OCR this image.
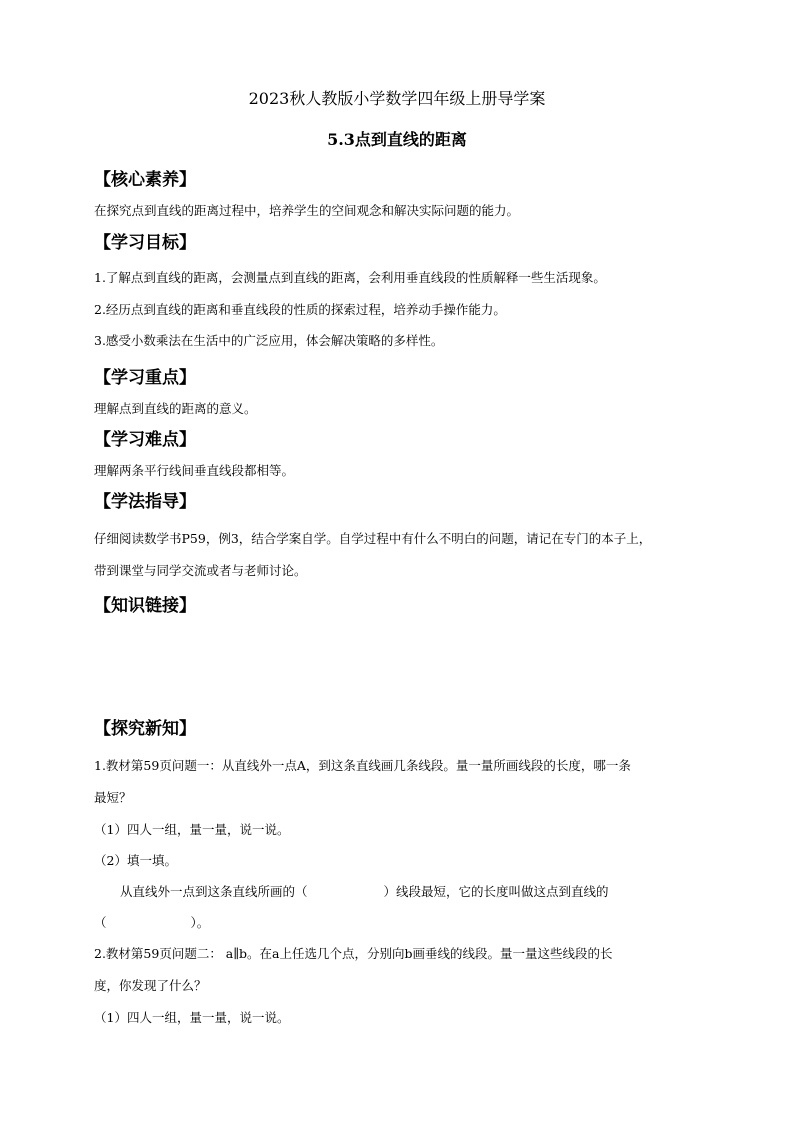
2023秋人教版小学数学四年级上册导学案
5.3点到直线的距离
【核心素养】
在探究点到直线的距离过程中，培养学生的空间观念和解决实际问题的能力。
【学习目标】
1.了解点到直线的距离，会测量点到直线的距离，会利用垂直线段的性质解释一些生活现象。
2.经历点到直线的距离和垂直线段的性质的探索过程，培养动手操作能力。
3.感受小数乘法在生活中的广泛应用，体会解决策略的多样性。
【学习重点】
理解点到直线的距离的意义。
【学习难点】
理解两条平行线间垂直线段都相等。
【学法指导】
仔细阅读数学书P59，例3，结合学案自学。自学过程中有什么不明白的问题，请记在专门的本子上，
带到课堂与同学交流或者与老师讨论。
【知识链接】
【探究新知】
1.教材第59页问题一：从直线外一点A，到这条直线画几条线段。量一量所画线段的长度，哪一条
最短？
（1）四人一组，量一量，说一说。
（2）填一填。
从直线外一点到这条直线所画的（	）线段最短，它的长度叫做这点到直线的
（	）。
2.教材第59页问题二： a∥b。在a上任选几个点，分别向b画垂线的线段。量一量这些线段的长
度，你发现了什么？
（1）四人一组，量一量，说一说。
